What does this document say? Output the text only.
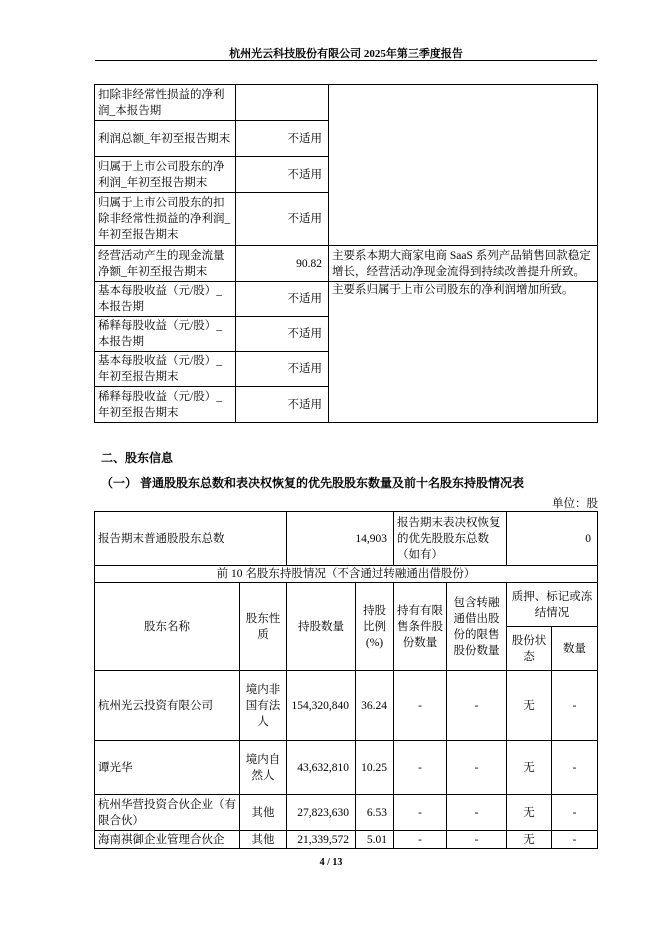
杭州光云科技股份有限公司 2025年第三季度报告
扣除非经常性损益的净利润_本报告期		
利润总额_年初至报告期末	不适用	
归属于上市公司股东的净利润_年初至报告期末	不适用	
归属于上市公司股东的扣除非经常性损益的净利润_年初至报告期末	不适用	
经营活动产生的现金流量净额_年初至报告期末	90.82	主要系本期大商家电商 SaaS 系列产品销售回款稳定增长，经营活动净现金流得到持续改善提升所致。
基本每股收益（元/股）_本报告期	不适用	主要系归属于上市公司股东的净利润增加所致。
稀释每股收益（元/股）_本报告期	不适用	
基本每股收益（元/股）_年初至报告期末	不适用	
稀释每股收益（元/股）_年初至报告期末	不适用	
二、股东信息
（一） 普通股股东总数和表决权恢复的优先股股东数量及前十名股东持股情况表
单位：股
报告期末普通股股东总数		14,903		报告期末表决权恢复的优先股股东总数（如有）		0	
前 10 名股东持股情况（不含通过转融通出借股份）							
股东名称	股东性质	持股数量	持股比例(%)	持有有限售条件股份数量	包含转融通借出股份的限售股份数量	质押、标记或冻结情况	
						股份状态	数量
杭州光云投资有限公司	境内非国有法人	154,320,840	36.24	-	-	无	-
谭光华	境内自然人	43,632,810	10.25	-	-	无	-
杭州华营投资合伙企业（有限合伙）	其他	27,823,630	6.53	-	-	无	-
海南祺御企业管理合伙企	其他	21,339,572	5.01	-	-	无	-
4 / 13
